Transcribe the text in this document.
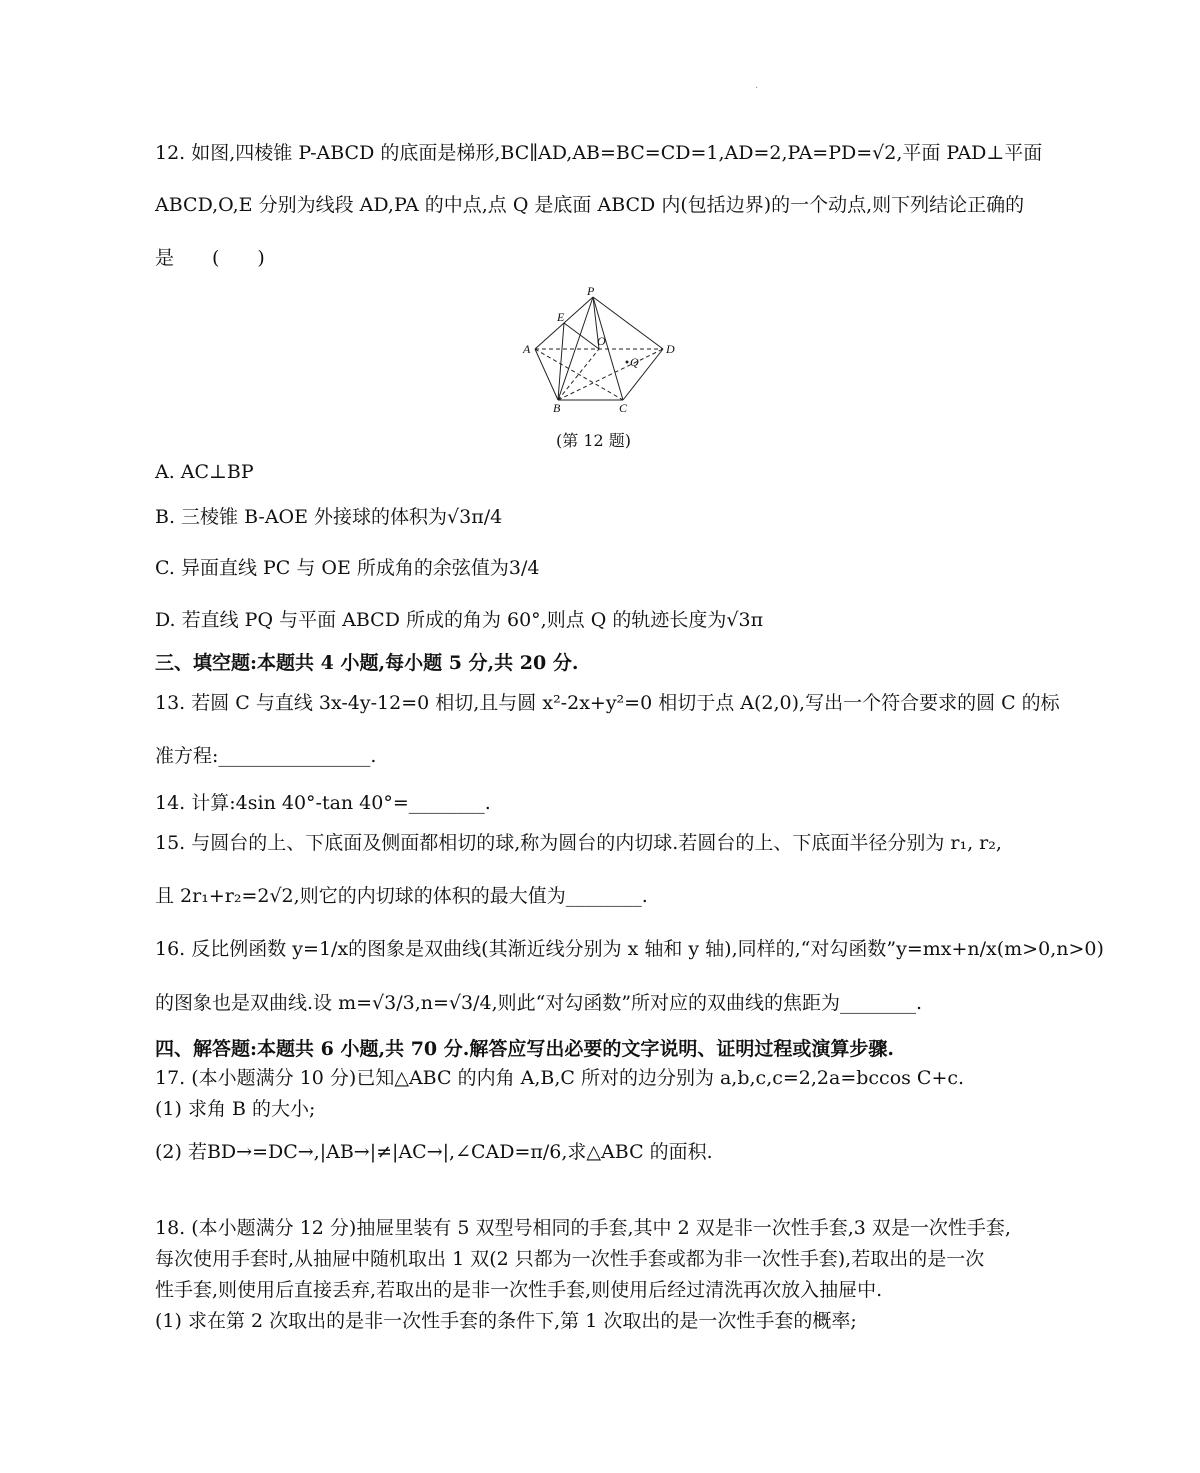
.
12. 如图,四棱锥 P-ABCD 的底面是梯形,BC∥AD,AB=BC=CD=1,AD=2,PA=PD=√2,平面 PAD⊥平面
ABCD,O,E 分别为线段 AD,PA 的中点,点 Q 是底面 ABCD 内(包括边界)的一个动点,则下列结论正确的
是　　(　　)
P
E
A
O
D
Q
B	C
(第 12 题)
A. AC⊥BP
B. 三棱锥 B-AOE 外接球的体积为√3π/4
C. 异面直线 PC 与 OE 所成角的余弦值为3/4
D. 若直线 PQ 与平面 ABCD 所成的角为 60°,则点 Q 的轨迹长度为√3π
三、填空题:本题共 4 小题,每小题 5 分,共 20 分.
13. 若圆 C 与直线 3x-4y-12=0 相切,且与圆 x²-2x+y²=0 相切于点 A(2,0),写出一个符合要求的圆 C 的标
准方程:________________.
14. 计算:4sin 40°-tan 40°=________.
15. 与圆台的上、下底面及侧面都相切的球,称为圆台的内切球.若圆台的上、下底面半径分别为 r₁, r₂,
且 2r₁+r₂=2√2,则它的内切球的体积的最大值为________.
16. 反比例函数 y=1/x的图象是双曲线(其渐近线分别为 x 轴和 y 轴),同样的,“对勾函数”y=mx+n/x(m>0,n>0)
的图象也是双曲线.设 m=√3/3,n=√3/4,则此“对勾函数”所对应的双曲线的焦距为________.
四、解答题:本题共 6 小题,共 70 分.解答应写出必要的文字说明、证明过程或演算步骤.
17. (本小题满分 10 分)已知△ABC 的内角 A,B,C 所对的边分别为 a,b,c,c=2,2a=bccos C+c.
(1) 求角 B 的大小;
(2) 若BD→=DC→,|AB→|≠|AC→|,∠CAD=π/6,求△ABC 的面积.
18. (本小题满分 12 分)抽屉里装有 5 双型号相同的手套,其中 2 双是非一次性手套,3 双是一次性手套,
每次使用手套时,从抽屉中随机取出 1 双(2 只都为一次性手套或都为非一次性手套),若取出的是一次
性手套,则使用后直接丢弃,若取出的是非一次性手套,则使用后经过清洗再次放入抽屉中.
(1) 求在第 2 次取出的是非一次性手套的条件下,第 1 次取出的是一次性手套的概率;
